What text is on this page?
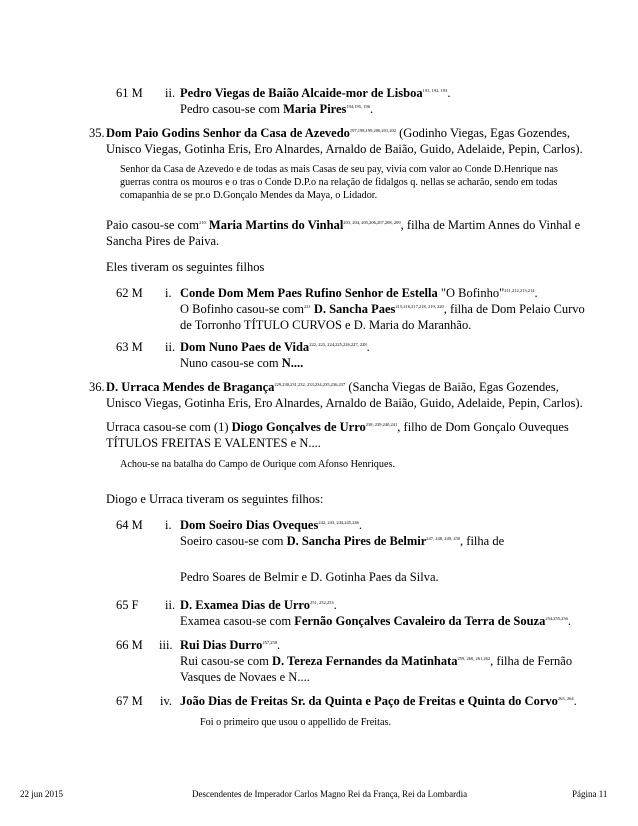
61 M ii. Pedro Viegas de Baião Alcaide-mor de Lisboa$^{191, 192, 193}$.
Pedro casou-se com Maria Pires$^{194,195, 196}$.
35. Dom Paio Godins Senhor da Casa de Azevedo$^{197,198,199,200,201,202}$ (Godinho Viegas, Egas Gozendes,
Unisco Viegas, Gotinha Eris, Ero Alnardes, Arnaldo de Baião, Guido, Adelaide, Pepin, Carlos).
Senhor da Casa de Azevedo e de todas as mais Casas de seu pay, vivia com valor ao Conde D.Henrique nas
guerras contra os mouros e o tras o Conde D.P.o na relação de fidalgos q. nellas se acharão, sendo em todas
comapanhia de se pr.o D.Gonçalo Mendes da Maya, o Lidador.
Paio casou-se com$^{210}$ Maria Martins do Vinhal$^{203, 204, 205,206,207,208, 209}$, filha de Martim Annes do Vinhal e
Sancha Pires de Paiva.
Eles tiveram os seguintes filhos
62 M i. Conde Dom Mem Paes Rufino Senhor de Estella "O Bofinho"$^{211,212,213,214}$.
O Bofinho casou-se com$^{221}$ D. Sancha Paes$^{215,216,217,218, 219, 220}$, filha de Dom Pelaio Curvo
de Torronho TÍTULO CURVOS e D. Maria do Maranhão.
63 M ii. Dom Nuno Paes de Vida$^{222, 223, 224,225,226,227, 228}$.
Nuno casou-se com N....
36. D. Urraca Mendes de Bragança$^{229,230,231,232, 233,234,235,236,237}$ (Sancha Viegas de Baião, Egas Gozendes,
Unisco Viegas, Gotinha Eris, Ero Alnardes, Arnaldo de Baião, Guido, Adelaide, Pepin, Carlos).
Urraca casou-se com (1) Diogo Gonçalves de Urro$^{238, 239,240,241}$, filho de Dom Gonçalo Ouveques
TÍTULOS FREITAS E VALENTES e N....
Achou-se na batalha do Campo de Ourique com Afonso Henriques.
Diogo e Urraca tiveram os seguintes filhos:
64 M i. Dom Soeiro Dias Oveques$^{242, 243, 244,245,246}$.
Soeiro casou-se com D. Sancha Pires de Belmir$^{247, 248, 249, 250}$, filha de
Pedro Soares de Belmir e D. Gotinha Paes da Silva.
65 F ii. D. Examea Dias de Urro$^{251, 252,253}$.
Examea casou-se com Fernão Gonçalves Cavaleiro da Terra de Souza$^{254,255,256}$.
66 M iii. Rui Dias Durro$^{257,258}$.
Rui casou-se com D. Tereza Fernandes da Matinhata$^{259, 260, 261,262}$, filha de Fernão
Vasques de Novaes e N....
67 M iv. João Dias de Freitas Sr. da Quinta e Paço de Freitas e Quinta do Corvo$^{263, 264}$.
Foi o primeiro que usou o appellido de Freitas.
22 jun 2015	Descendentes de Imperador Carlos Magno Rei da França, Rei da Lombardia	Página 11
